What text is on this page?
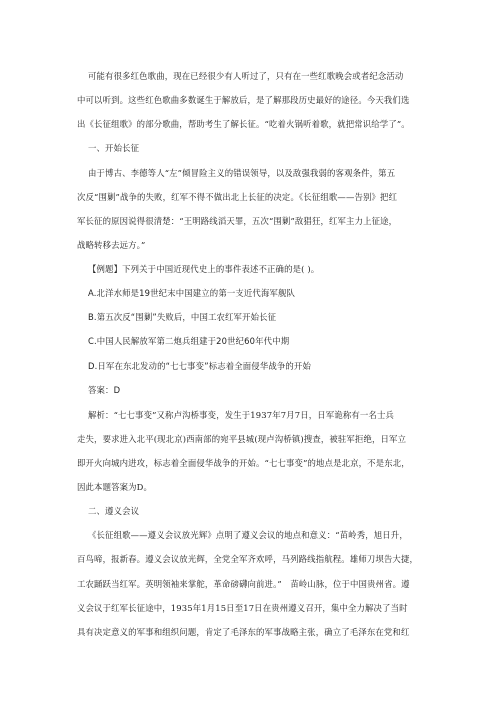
可能有很多红色歌曲，现在已经很少有人听过了，只有在一些红歌晚会或者纪念活动
中可以听到。这些红色歌曲多数诞生于解放后，是了解那段历史最好的途径。今天我们选
出《长征组歌》的部分歌曲，帮助考生了解长征。“吃着火锅听着歌，就把常识给学了”。
一、开始长征
由于博古、李德等人“左”倾冒险主义的错误领导，以及敌强我弱的客观条件，第五
次反“围剿”战争的失败，红军不得不做出北上长征的决定。《长征组歌——告别》把红
军长征的原因说得很清楚：“王明路线滔天罪，五次“围剿”敌猖狂，红军主力上征途，
战略转移去远方。”
【例题】下列关于中国近现代史上的事件表述不正确的是( )。
A.北洋水师是19世纪末中国建立的第一支近代海军舰队
B.第五次反“围剿”失败后，中国工农红军开始长征
C.中国人民解放军第二炮兵组建于20世纪60年代中期
D.日军在东北发动的“七七事变”标志着全面侵华战争的开始
答案：D
解析：“七七事变”又称卢沟桥事变，发生于1937年7月7日，日军诡称有一名士兵
走失，要求进入北平(现北京)西南部的宛平县城(现卢沟桥镇)搜查，被驻军拒绝，日军立
即开火向城内进攻，标志着全面侵华战争的开始。“七七事变”的地点是北京，不是东北，
因此本题答案为D。
二、遵义会议
《长征组歌——遵义会议放光辉》点明了遵义会议的地点和意义：“苗岭秀，旭日升，
百鸟啼，报新春。遵义会议放光辉，全党全军齐欢呼，马列路线指航程。雄师刀坝告大捷，
工农踊跃当红军。英明领袖来掌舵，革命磅礴向前进。”　苗岭山脉，位于中国贵州省。遵
义会议于红军长征途中，1935年1月15日至17日在贵州遵义召开，集中全力解决了当时
具有决定意义的军事和组织问题，肯定了毛泽东的军事战略主张，确立了毛泽东在党和红
